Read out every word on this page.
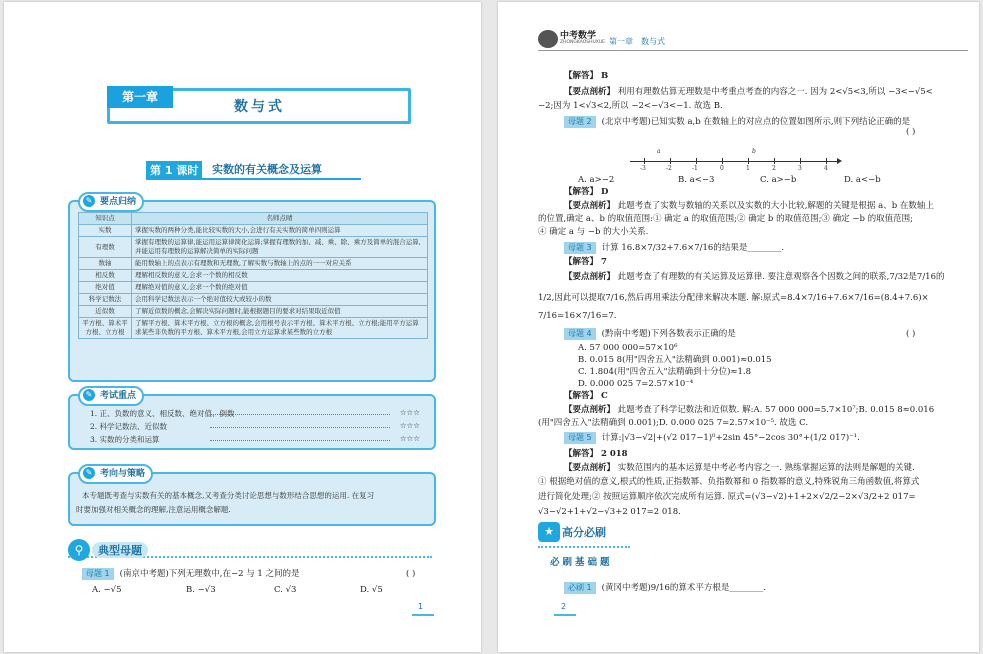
第一章
数与式
第 1 课时	实数的有关概念及运算
✎ 要点归纳
知识点	名师点晴
实数	掌握实数的两种分类,能比较实数的大小,会进行有关实数的简单四则运算
有理数	掌握有理数的运算律,能运用运算律简化运算;掌握有理数的加、减、乘、除、乘方及简单的混合运算,并能运用有理数的运算解决简单的实际问题
数轴	能用数轴上的点表示有理数和无理数,了解实数与数轴上的点的一一对应关系
相反数	理解相反数的意义,会求一个数的相反数
绝对值	理解绝对值的意义,会求一个数的绝对值
科学记数法	会用科学记数法表示一个绝对值较大或较小的数
近似数	了解近似数的概念,会解决实际问题时,能根据题目的要求对结果取近似值
平方根、算术平方根、立方根	了解平方根、算术平方根、立方根的概念,会用根号表示平方根、算术平方根、立方根;能用平方运算求某些非负数的平方根、算术平方根,会用立方运算求某些数的立方根
✎ 考试重点
1. 正、负数的意义、相反数、绝对值、倒数	☆☆☆
2. 科学记数法、近似数	☆☆☆
3. 实数的分类和运算	☆☆☆
✎ 考向与策略
本专题既考查与实数有关的基本概念,又考查分类讨论思想与数形结合思想的运用. 在复习
时要加强对相关概念的理解,注意运用概念解题.
⚲	典型母题
母题 1 (南京中考题)下列无理数中,在−2 与 1 之间的是	( )
A. −√5	B. −√3	C. √3	D. √5
1
中考数学
ZHONGKAOSHUXUE 第一章　数与式
【解答】 B
【要点剖析】 利用有理数估算无理数是中考重点考查的内容之一. 因为 2<√5<3,所以 −3<−√5<
−2;因为 1<√3<2,所以 −2<−√3<−1. 故选 B.
母题 2 (北京中考题)已知实数 a,b 在数轴上的对应点的位置如图所示,则下列结论正确的是
( )
-3	-2	-1	0	1	2	3	4
a	b
A. a>−2	B. a<−3	C. a>−b	D. a<−b
【解答】 D
【要点剖析】 此题考查了实数与数轴的关系以及实数的大小比较,解题的关键是根据 a、b 在数轴上
的位置,确定 a、b 的取值范围:① 确定 a 的取值范围;② 确定 b 的取值范围;③ 确定 −b 的取值范围;
④ 确定 a 与 −b 的大小关系.
母题 3 计算 16.8×7/32+7.6×7/16的结果是________.
【解答】 7
【要点剖析】 此题考查了有理数的有关运算及运算律. 要注意观察各个因数之间的联系,7/32是7/16的
1/2,因此可以提取7/16,然后再用乘法分配律来解决本题. 解:原式=8.4×7/16+7.6×7/16=(8.4+7.6)×
7/16=16×7/16=7.
母题 4 (黔南中考题)下列各数表示正确的是	( )
A. 57 000 000=57×10⁶
B. 0.015 8(用"四舍五入"法精确到 0.001)≈0.015
C. 1.804(用"四舍五入"法精确到十分位)≈1.8
D. 0.000 025 7=2.57×10⁻⁴
【解答】 C
【要点剖析】 此题考查了科学记数法和近似数. 解:A. 57 000 000=5.7×10⁷;B. 0.015 8≈0.016
(用"四舍五入"法精确到 0.001);D. 0.000 025 7=2.57×10⁻⁵. 故选 C.
母题 5 计算:|√3−√2|+(√2 017−1)⁰+2sin 45°−2cos 30°+(1/2 017)⁻¹.
【解答】 2 018
【要点剖析】 实数范围内的基本运算是中考必考内容之一. 熟练掌握运算的法则是解题的关键.
① 根据绝对值的意义,根式的性质,正指数幂、负指数幂和 0 指数幂的意义,特殊锐角三角函数值,将算式
进行简化处理;② 按照运算顺序依次完成所有运算. 原式=(√3−√2)+1+2×√2/2−2×√3/2+2 017=
√3−√2+1+√2−√3+2 017=2 018.
★ 高分必刷
必刷基础题
必刷 1 (黄冈中考题)9/16的算术平方根是________.
2
